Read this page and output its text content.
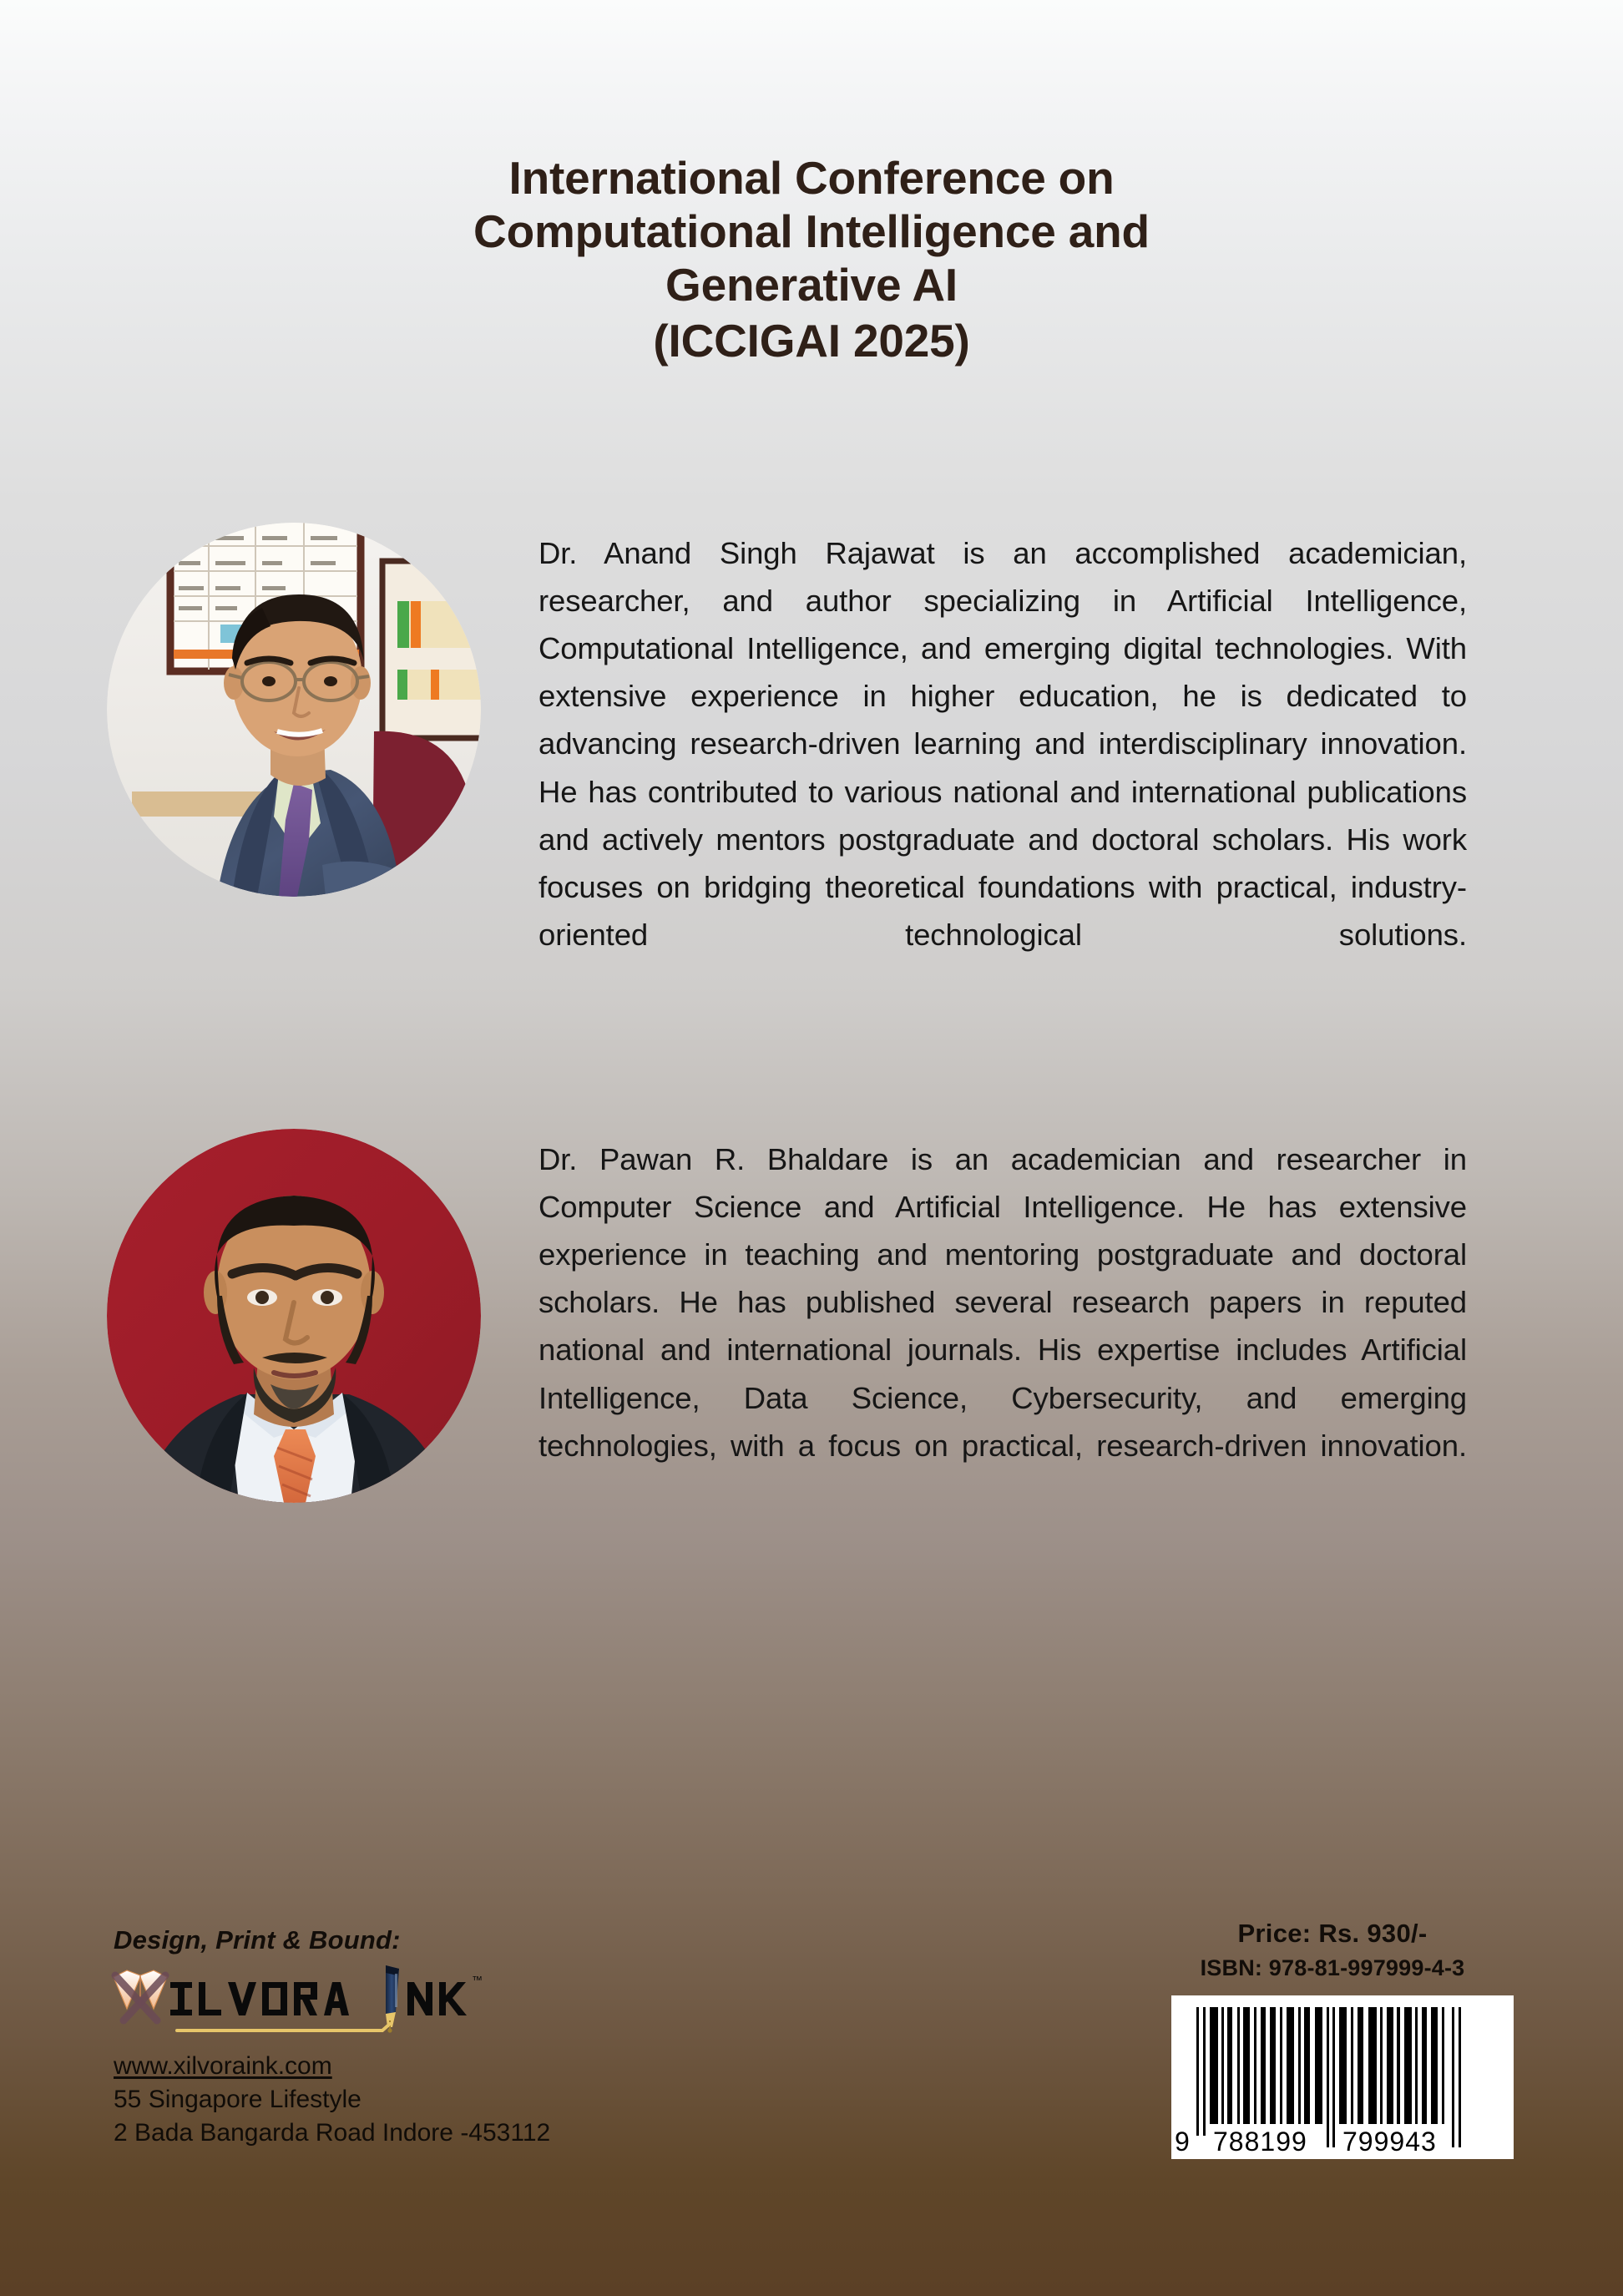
International Conference on
Computational Intelligence and
Generative AI
(ICCIGAI 2025)
Dr. Anand Singh Rajawat is an accomplished academician, researcher, and author specializing in Artificial Intelligence, Computational Intelligence, and emerging digital technologies. With extensive experience in higher education, he is dedicated to advancing research-driven learning and interdisciplinary innovation. He has contributed to various national and international publications and actively mentors postgraduate and doctoral scholars. His work focuses on bridging theoretical foundations with practical, industry-oriented technological solutions.
Dr. Pawan R. Bhaldare is an academician and researcher in Computer Science and Artificial Intelligence. He has extensive experience in teaching and mentoring postgraduate and doctoral scholars. He has published several research papers in reputed national and international journals. His expertise includes Artificial Intelligence, Data Science, Cybersecurity, and emerging technologies, with a focus on practical, research-driven innovation.
Design, Print & Bound:
™
www.xilvoraink.com
55 Singapore Lifestyle
2 Bada Bangarda Road Indore -453112
Price: Rs. 930/-
ISBN: 978-81-997999-4-3
9 788199 799943
